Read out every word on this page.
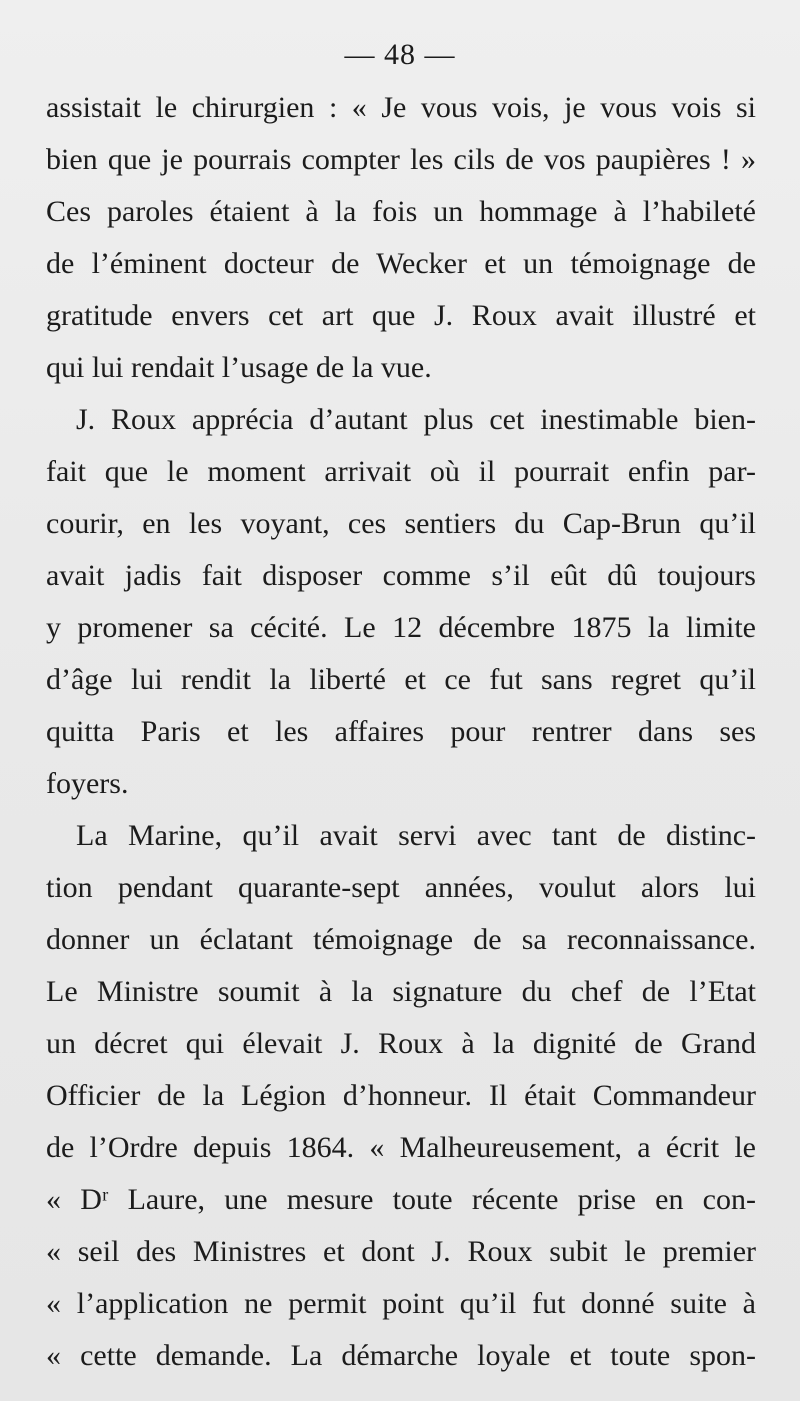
— 48 —
assistait le chirurgien : « Je vous vois, je vous vois si
bien que je pourrais compter les cils de vos paupières ! »
Ces paroles étaient à la fois un hommage à l’habileté
de l’éminent docteur de Wecker et un témoignage de
gratitude envers cet art que J. Roux avait illustré et
qui lui rendait l’usage de la vue.
J. Roux apprécia d’autant plus cet inestimable bien-
fait que le moment arrivait où il pourrait enfin par-
courir, en les voyant, ces sentiers du Cap-Brun qu’il
avait jadis fait disposer comme s’il eût dû toujours
y promener sa cécité. Le 12 décembre 1875 la limite
d’âge lui rendit la liberté et ce fut sans regret qu’il
quitta Paris et les affaires pour rentrer dans ses
foyers.
La Marine, qu’il avait servi avec tant de distinc-
tion pendant quarante-sept années, voulut alors lui
donner un éclatant témoignage de sa reconnaissance.
Le Ministre soumit à la signature du chef de l’Etat
un décret qui élevait J. Roux à la dignité de Grand
Officier de la Légion d’honneur. Il était Commandeur
de l’Ordre depuis 1864. « Malheureusement, a écrit le
« Dʳ Laure, une mesure toute récente prise en con-
« seil des Ministres et dont J. Roux subit le premier
« l’application ne permit point qu’il fut donné suite à
« cette demande. La démarche loyale et toute spon-
